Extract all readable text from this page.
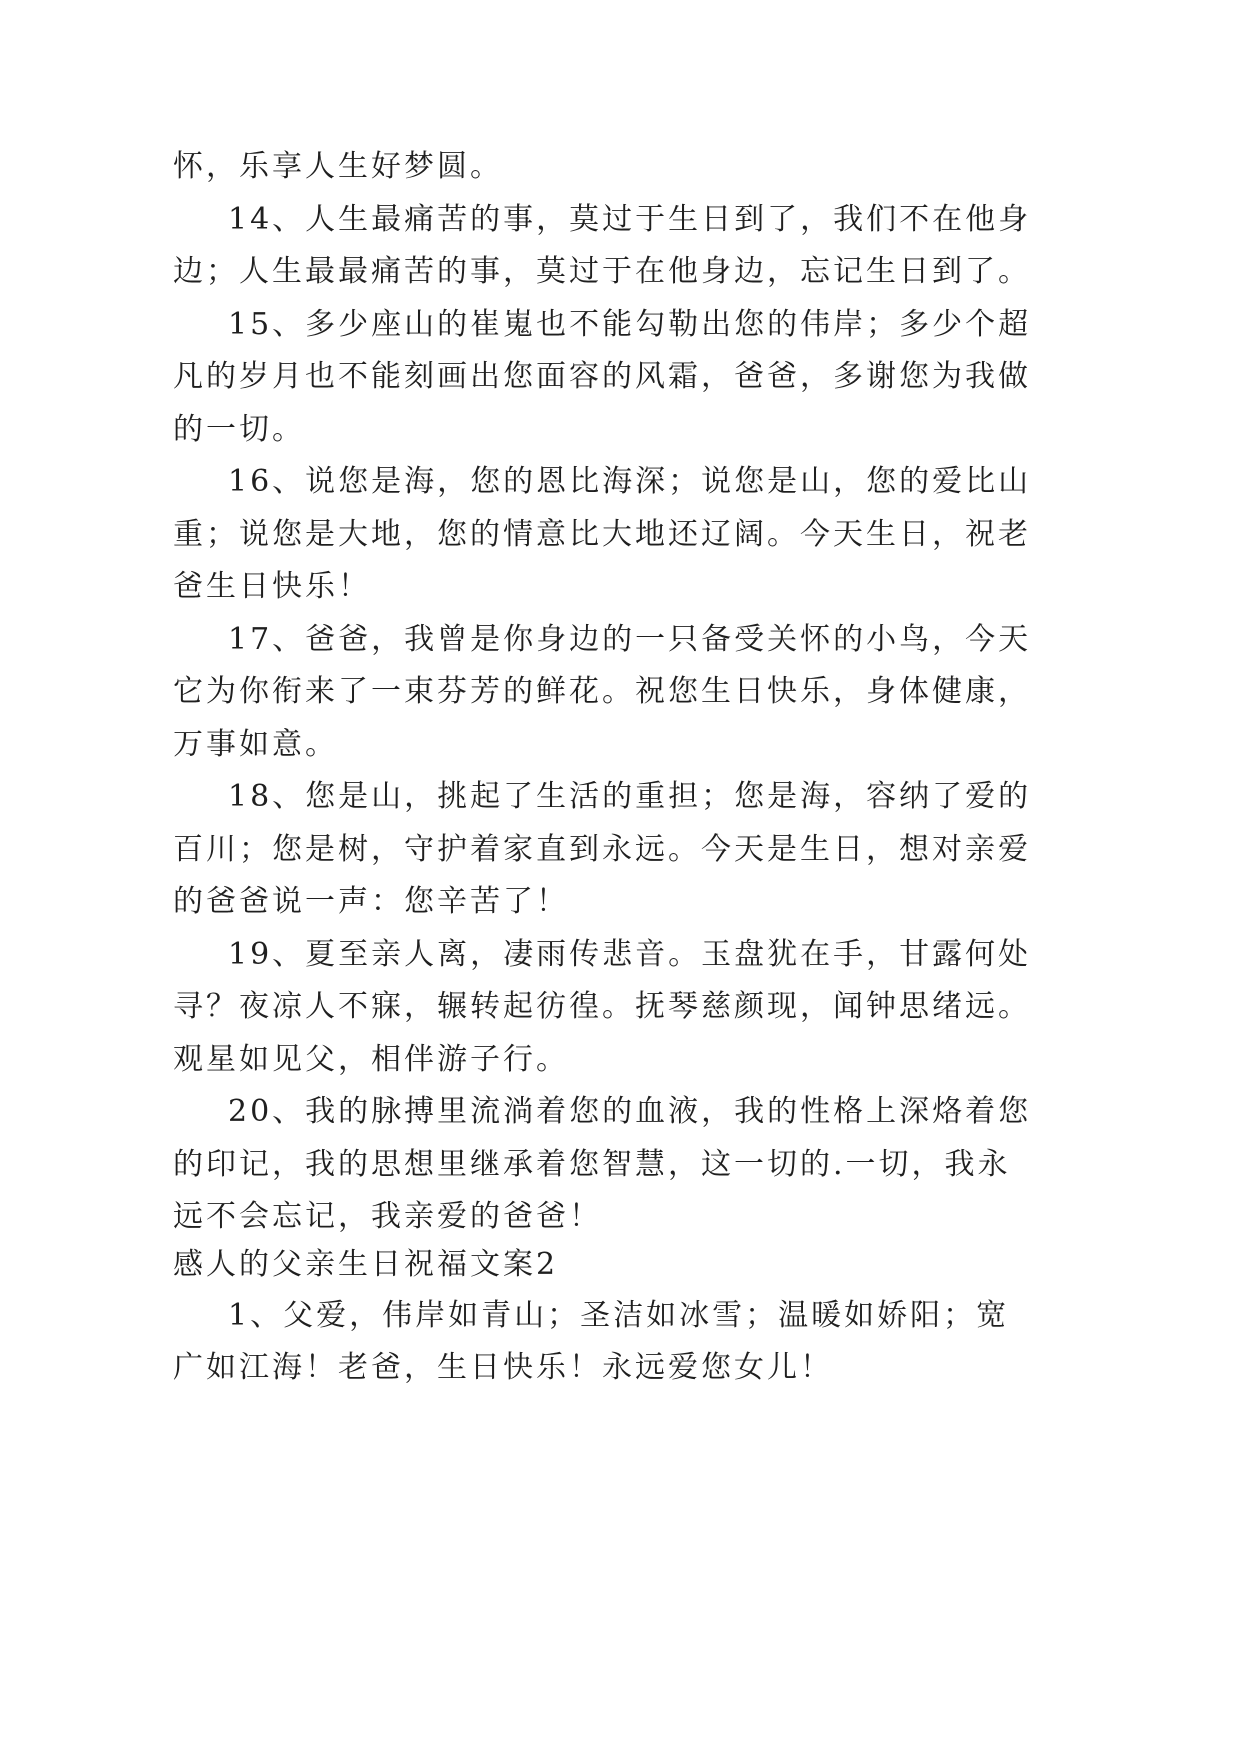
怀，乐享人生好梦圆。
14、人生最痛苦的事，莫过于生日到了，我们不在他身
边；人生最最痛苦的事，莫过于在他身边，忘记生日到了。
15、多少座山的崔嵬也不能勾勒出您的伟岸；多少个超
凡的岁月也不能刻画出您面容的风霜，爸爸，多谢您为我做
的一切。
16、说您是海，您的恩比海深；说您是山，您的爱比山
重；说您是大地，您的情意比大地还辽阔。今天生日，祝老
爸生日快乐！
17、爸爸，我曾是你身边的一只备受关怀的小鸟，今天
它为你衔来了一束芬芳的鲜花。祝您生日快乐，身体健康，
万事如意。
18、您是山，挑起了生活的重担；您是海，容纳了爱的
百川；您是树，守护着家直到永远。今天是生日，想对亲爱
的爸爸说一声：您辛苦了！
19、夏至亲人离，凄雨传悲音。玉盘犹在手，甘露何处
寻？夜凉人不寐，辗转起彷徨。抚琴慈颜现，闻钟思绪远。
观星如见父，相伴游子行。
20、我的脉搏里流淌着您的血液，我的性格上深烙着您
的印记，我的思想里继承着您智慧，这一切的.一切，我永
远不会忘记，我亲爱的爸爸！
感人的父亲生日祝福文案2
1、父爱，伟岸如青山；圣洁如冰雪；温暖如娇阳；宽
广如江海！老爸，生日快乐！永远爱您女儿！
